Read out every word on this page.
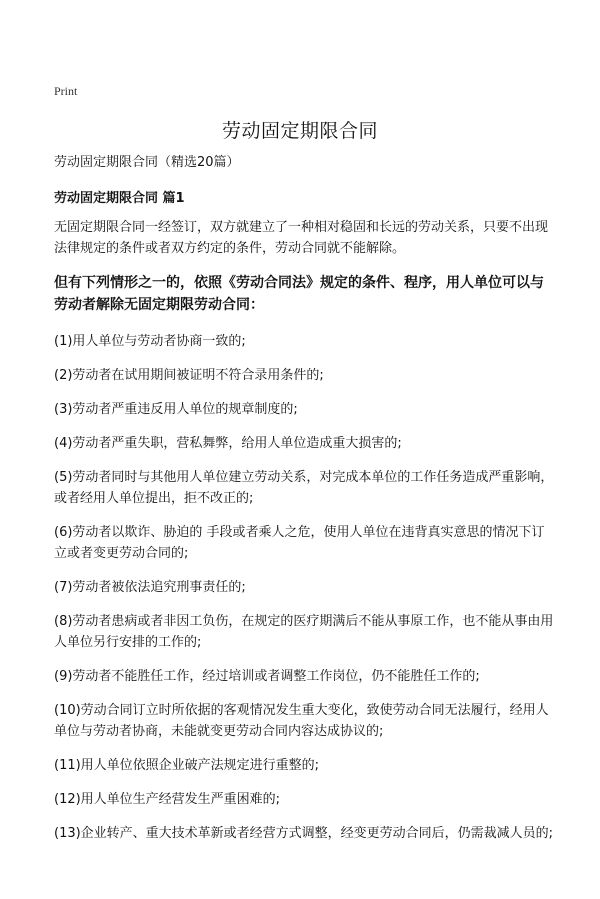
Print
劳动固定期限合同
劳动固定期限合同（精选20篇）
劳动固定期限合同 篇1
无固定期限合同一经签订，双方就建立了一种相对稳固和长远的劳动关系，只要不出现法律规定的条件或者双方约定的条件，劳动合同就不能解除。
但有下列情形之一的，依照《劳动合同法》规定的条件、程序，用人单位可以与劳动者解除无固定期限劳动合同：
(1)用人单位与劳动者协商一致的;
(2)劳动者在试用期间被证明不符合录用条件的;
(3)劳动者严重违反用人单位的规章制度的;
(4)劳动者严重失职，营私舞弊，给用人单位造成重大损害的;
(5)劳动者同时与其他用人单位建立劳动关系，对完成本单位的工作任务造成严重影响，或者经用人单位提出，拒不改正的;
(6)劳动者以欺诈、胁迫的 手段或者乘人之危，使用人单位在违背真实意思的情况下订立或者变更劳动合同的;
(7)劳动者被依法追究刑事责任的;
(8)劳动者患病或者非因工负伤，在规定的医疗期满后不能从事原工作，也不能从事由用人单位另行安排的工作的;
(9)劳动者不能胜任工作，经过培训或者调整工作岗位，仍不能胜任工作的;
(10)劳动合同订立时所依据的客观情况发生重大变化，致使劳动合同无法履行，经用人单位与劳动者协商，未能就变更劳动合同内容达成协议的;
(11)用人单位依照企业破产法规定进行重整的;
(12)用人单位生产经营发生严重困难的;
(13)企业转产、重大技术革新或者经营方式调整，经变更劳动合同后，仍需裁减人员的;
